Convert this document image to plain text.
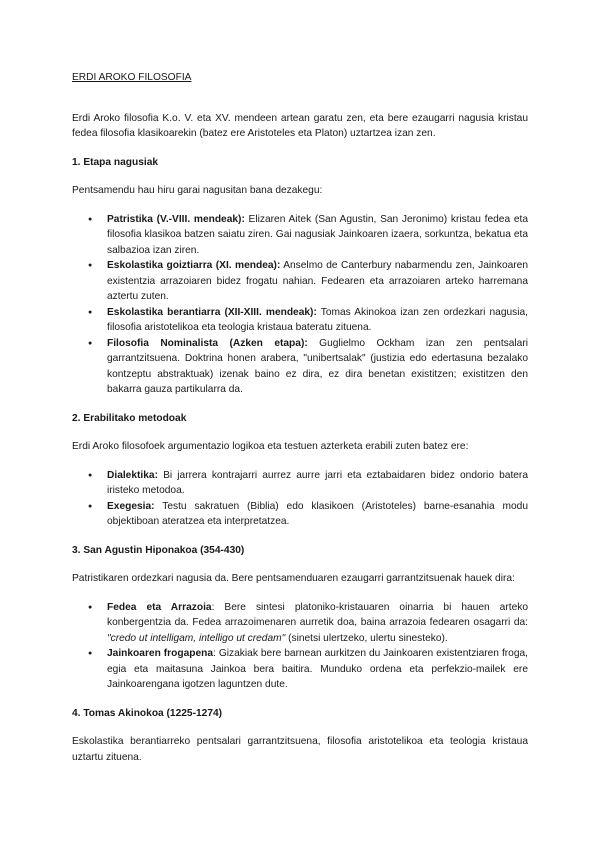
ERDI AROKO FILOSOFIA

Erdi Aroko filosofia K.o. V. eta XV. mendeen artean garatu zen, eta bere ezaugarri nagusia kristau fedea filosofia klasikoarekin (batez ere Aristoteles eta Platon) uztartzea izan zen.

1. Etapa nagusiak

Pentsamendu hau hiru garai nagusitan bana dezakegu:

● Patristika (V.-VIII. mendeak): Elizaren Aitek (San Agustin, San Jeronimo) kristau fedea eta filosofia klasikoa batzen saiatu ziren. Gai nagusiak Jainkoaren izaera, sorkuntza, bekatua eta salbazioa izan ziren.
● Eskolastika goiztiarra (XI. mendea): Anselmo de Canterbury nabarmendu zen, Jainkoaren existentzia arrazoiaren bidez frogatu nahian. Fedearen eta arrazoiaren arteko harremana aztertu zuten.
● Eskolastika berantiarra (XII-XIII. mendeak): Tomas Akinokoa izan zen ordezkari nagusia, filosofia aristotelikoa eta teologia kristaua bateratu zituena.
● Filosofia Nominalista (Azken etapa): Guglielmo Ockham izan zen pentsalari garrantzitsuena. Doktrina honen arabera, "unibertsalak" (justizia edo edertasuna bezalako kontzeptu abstraktuak) izenak baino ez dira, ez dira benetan existitzen; existitzen den bakarra gauza partikularra da.
2. Erabilitako metodoak

Erdi Aroko filosofoek argumentazio logikoa eta testuen azterketa erabili zuten batez ere:

● Dialektika: Bi jarrera kontrajarri aurrez aurre jarri eta eztabaidaren bidez ondorio batera iristeko metodoa.
● Exegesia: Testu sakratuen (Biblia) edo klasikoen (Aristoteles) barne-esanahia modu objektiboan ateratzea eta interpretatzea.
3. San Agustin Hiponakoa (354-430)

Patristikaren ordezkari nagusia da. Bere pentsamenduaren ezaugarri garrantzitsuenak hauek dira:

● Fedea eta Arrazoia: Bere sintesi platoniko-kristauaren oinarria bi hauen arteko konbergentzia da. Fedea arrazoimenaren aurretik doa, baina arrazoia fedearen osagarri da: "credo ut intelligam, intelligo ut credam" (sinetsi ulertzeko, ulertu sinesteko).
● Jainkoaren frogapena: Gizakiak bere barnean aurkitzen du Jainkoaren existentziaren froga, egia eta maitasuna Jainkoa bera baitira. Munduko ordena eta perfekzio-mailek ere Jainkoarengana igotzen laguntzen dute.
4. Tomas Akinokoa (1225-1274)

Eskolastika berantiarreko pentsalari garrantzitsuena, filosofia aristotelikoa eta teologia kristaua uztartu zituena.
